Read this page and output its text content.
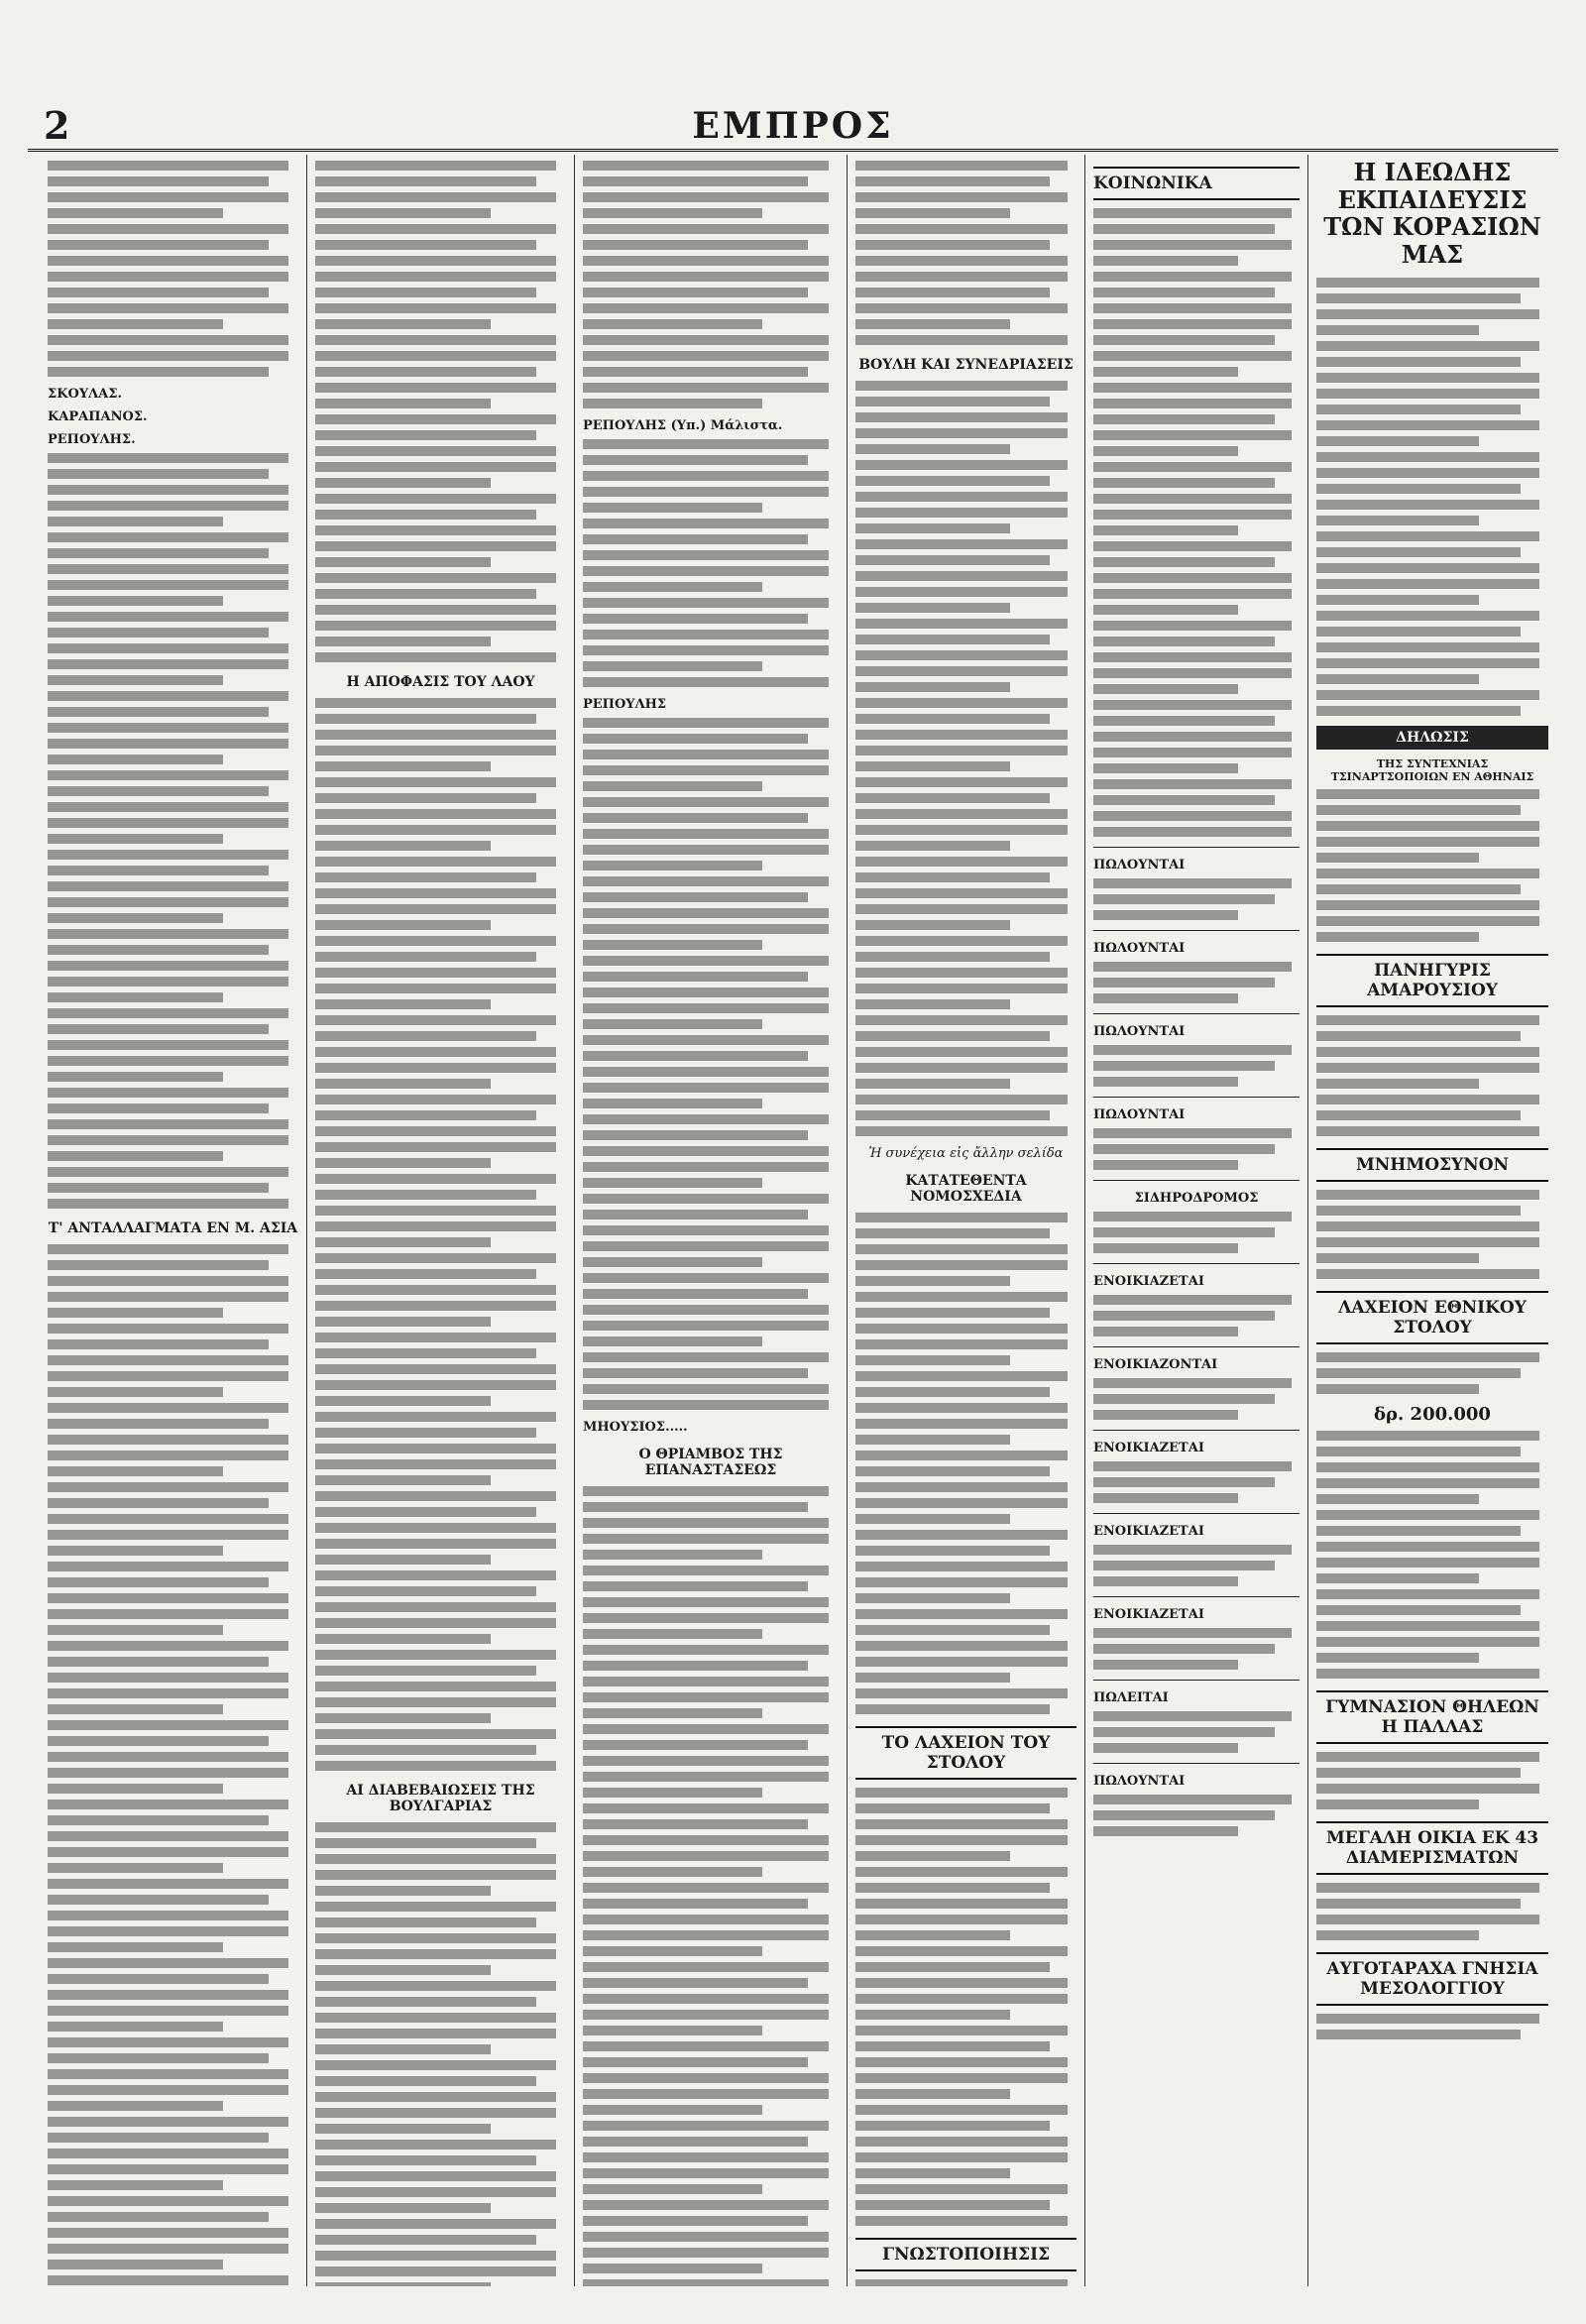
2	ΕΜΠΡΟΣ
ΣΚΟΥΛΑΣ.
ΚΑΡΑΠΑΝΟΣ.
ΡΕΠΟΥΛΗΣ.
Τ' ΑΝΤΑΛΛΑΓΜΑΤΑ ΕΝ Μ. ΑΣΙΑ
Η ΑΠΟΦΑΣΙΣ ΤΟΥ ΛΑΟΥ
ΑΙ ΔΙΑΒΕΒΑΙΩΣΕΙΣ ΤΗΣ ΒΟΥΛΓΑΡΙΑΣ
ΡΕΠΟΥΛΗΣ (Υπ.) Μάλιστα.
ΡΕΠΟΥΛΗΣ
ΜΗΟΥΣΙΟΣ.....
Ο ΘΡΙΑΜΒΟΣ ΤΗΣ ΕΠΑΝΑΣΤΑΣΕΩΣ
ΒΟΥΛΗ ΚΑΙ ΣΥΝΕΔΡΙΑΣΕΙΣ
Ἡ συνέχεια εἰς ἄλλην σελίδα
ΚΑΤΑΤΕΘΕΝΤΑ ΝΟΜΟΣΧΕΔΙΑ
ΤΟ ΛΑΧΕΙΟΝ ΤΟΥ ΣΤΟΛΟΥ
ΓΝΩΣΤΟΠΟΙΗΣΙΣ
ΚΟΙΝΩΝΙΚΑ
ΠΩΛΟΥΝΤΑΙ
ΠΩΛΟΥΝΤΑΙ
ΠΩΛΟΥΝΤΑΙ
ΠΩΛΟΥΝΤΑΙ
ΣΙΔΗΡΟΔΡΟΜΟΣ
ΕΝΟΙΚΙΑΖΕΤΑΙ
ΕΝΟΙΚΙΑΖΟΝΤΑΙ
ΕΝΟΙΚΙΑΖΕΤΑΙ
ΕΝΟΙΚΙΑΖΕΤΑΙ
ΕΝΟΙΚΙΑΖΕΤΑΙ
ΠΩΛΕΙΤΑΙ
ΠΩΛΟΥΝΤΑΙ
Η ΙΔΕΩΔΗΣ ΕΚΠΑΙΔΕΥΣΙΣ ΤΩΝ ΚΟΡΑΣΙΩΝ ΜΑΣ
ΔΗΛΩΣΙΣ
ΤΗΣ ΣΥΝΤΕΧΝΙΑΣ ΤΣΙΝΑΡΤΣΟΠΟΙΩΝ ΕΝ ΑΘΗΝΑΙΣ
ΠΑΝΗΓΥΡΙΣ ΑΜΑΡΟΥΣΙΟΥ
ΜΝΗΜΟΣΥΝΟΝ
ΛΑΧΕΙΟΝ ΕΘΝΙΚΟΥ ΣΤΟΛΟΥ
δρ. 200.000
ΓΥΜΝΑΣΙΟΝ ΘΗΛΕΩΝ Η ΠΑΛΛΑΣ
ΜΕΓΑΛΗ ΟΙΚΙΑ ΕΚ 43 ΔΙΑΜΕΡΙΣΜΑΤΩΝ
ΑΥΓΟΤΑΡΑΧΑ ΓΝΗΣΙΑ ΜΕΣΟΛΟΓΓΙΟΥ
